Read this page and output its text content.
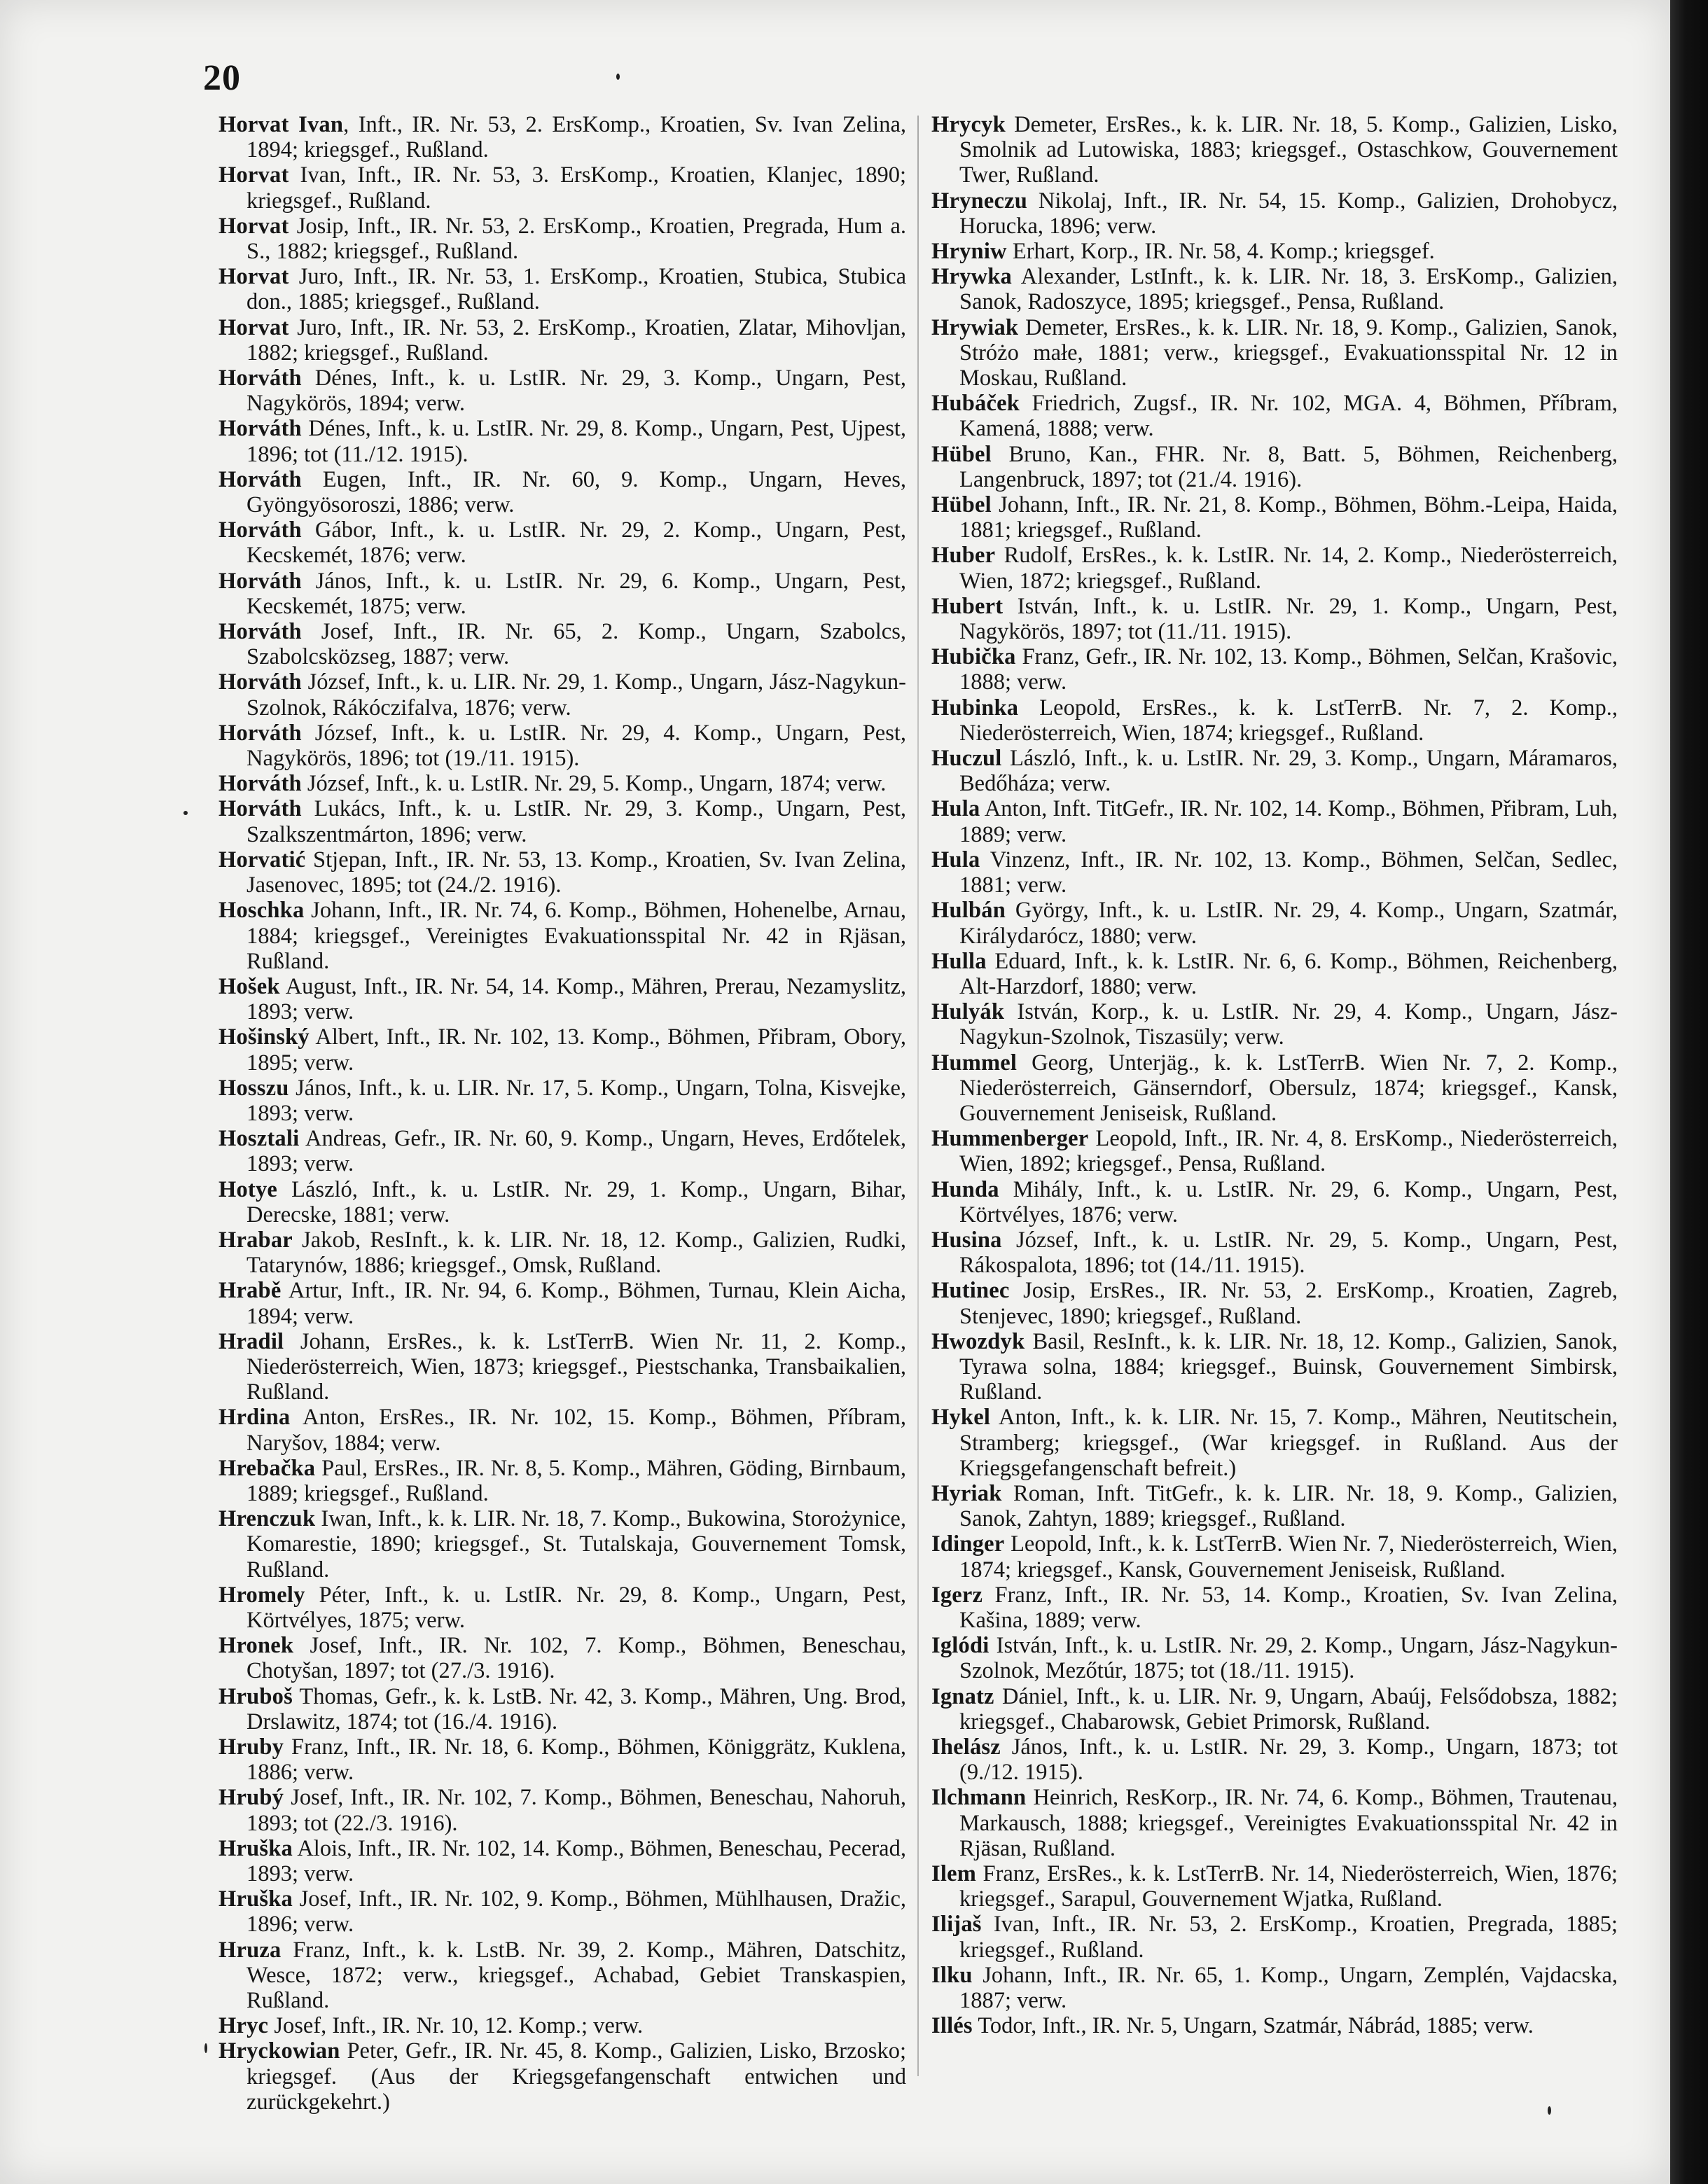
20

Horvat Ivan, Inft., IR. Nr. 53, 2. ErsKomp., Kroatien, Sv. Ivan Zelina, 1894; kriegsgef., Rußland.

Horvat Ivan, Inft., IR. Nr. 53, 3. ErsKomp., Kroatien, Klanjec, 1890; kriegsgef., Rußland.

Horvat Josip, Inft., IR. Nr. 53, 2. ErsKomp., Kroatien, Pregrada, Hum a. S., 1882; kriegsgef., Rußland.

Horvat Juro, Inft., IR. Nr. 53, 1. ErsKomp., Kroatien, Stubica, Stubica don., 1885; kriegsgef., Rußland.

Horvat Juro, Inft., IR. Nr. 53, 2. ErsKomp., Kroatien, Zlatar, Mihovljan, 1882; kriegsgef., Rußland.

Horváth Dénes, Inft., k. u. LstIR. Nr. 29, 3. Komp., Ungarn, Pest, Nagykörös, 1894; verw.

Horváth Dénes, Inft., k. u. LstIR. Nr. 29, 8. Komp., Ungarn, Pest, Ujpest, 1896; tot (11./12. 1915).

Horváth Eugen, Inft., IR. Nr. 60, 9. Komp., Ungarn, Heves, Gyöngyösoroszi, 1886; verw.

Horváth Gábor, Inft., k. u. LstIR. Nr. 29, 2. Komp., Ungarn, Pest, Kecskemét, 1876; verw.

Horváth János, Inft., k. u. LstIR. Nr. 29, 6. Komp., Ungarn, Pest, Kecskemét, 1875; verw.

Horváth Josef, Inft., IR. Nr. 65, 2. Komp., Ungarn, Szabolcs, Szabolcsközseg, 1887; verw.

Horváth József, Inft., k. u. LIR. Nr. 29, 1. Komp., Ungarn, Jász-Nagykun-Szolnok, Rákóczifalva, 1876; verw.

Horváth József, Inft., k. u. LstIR. Nr. 29, 4. Komp., Ungarn, Pest, Nagykörös, 1896; tot (19./11. 1915).

Horváth József, Inft., k. u. LstIR. Nr. 29, 5. Komp., Ungarn, 1874; verw.

Horváth Lukács, Inft., k. u. LstIR. Nr. 29, 3. Komp., Ungarn, Pest, Szalkszentmárton, 1896; verw.

Horvatić Stjepan, Inft., IR. Nr. 53, 13. Komp., Kroatien, Sv. Ivan Zelina, Jasenovec, 1895; tot (24./2. 1916).

Hoschka Johann, Inft., IR. Nr. 74, 6. Komp., Böhmen, Hohenelbe, Arnau, 1884; kriegsgef., Vereinigtes Evakuationsspital Nr. 42 in Rjäsan, Rußland.

Hošek August, Inft., IR. Nr. 54, 14. Komp., Mähren, Prerau, Nezamyslitz, 1893; verw.

Hošinský Albert, Inft., IR. Nr. 102, 13. Komp., Böhmen, Přibram, Obory, 1895; verw.

Hosszu János, Inft., k. u. LIR. Nr. 17, 5. Komp., Ungarn, Tolna, Kisvejke, 1893; verw.

Hosztali Andreas, Gefr., IR. Nr. 60, 9. Komp., Ungarn, Heves, Erdőtelek, 1893; verw.

Hotye László, Inft., k. u. LstIR. Nr. 29, 1. Komp., Ungarn, Bihar, Derecske, 1881; verw.

Hrabar Jakob, ResInft., k. k. LIR. Nr. 18, 12. Komp., Galizien, Rudki, Tatarynów, 1886; kriegsgef., Omsk, Rußland.

Hrabě Artur, Inft., IR. Nr. 94, 6. Komp., Böhmen, Turnau, Klein Aicha, 1894; verw.

Hradil Johann, ErsRes., k. k. LstTerrB. Wien Nr. 11, 2. Komp., Niederösterreich, Wien, 1873; kriegsgef., Piestschanka, Transbaikalien, Rußland.

Hrdina Anton, ErsRes., IR. Nr. 102, 15. Komp., Böhmen, Příbram, Naryšov, 1884; verw.

Hrebačka Paul, ErsRes., IR. Nr. 8, 5. Komp., Mähren, Göding, Birnbaum, 1889; kriegsgef., Rußland.

Hrenczuk Iwan, Inft., k. k. LIR. Nr. 18, 7. Komp., Bukowina, Storożynice, Komarestie, 1890; kriegsgef., St. Tutalskaja, Gouvernement Tomsk, Rußland.

Hromely Péter, Inft., k. u. LstIR. Nr. 29, 8. Komp., Ungarn, Pest, Körtvélyes, 1875; verw.

Hronek Josef, Inft., IR. Nr. 102, 7. Komp., Böhmen, Beneschau, Chotyšan, 1897; tot (27./3. 1916).

Hruboš Thomas, Gefr., k. k. LstB. Nr. 42, 3. Komp., Mähren, Ung. Brod, Drslawitz, 1874; tot (16./4. 1916).

Hruby Franz, Inft., IR. Nr. 18, 6. Komp., Böhmen, Königgrätz, Kuklena, 1886; verw.

Hrubý Josef, Inft., IR. Nr. 102, 7. Komp., Böhmen, Beneschau, Nahoruh, 1893; tot (22./3. 1916).

Hruška Alois, Inft., IR. Nr. 102, 14. Komp., Böhmen, Beneschau, Pecerad, 1893; verw.

Hruška Josef, Inft., IR. Nr. 102, 9. Komp., Böhmen, Mühlhausen, Dražic, 1896; verw.

Hruza Franz, Inft., k. k. LstB. Nr. 39, 2. Komp., Mähren, Datschitz, Wesce, 1872; verw., kriegsgef., Achabad, Gebiet Transkaspien, Rußland.

Hryc Josef, Inft., IR. Nr. 10, 12. Komp.; verw.

Hryckowian Peter, Gefr., IR. Nr. 45, 8. Komp., Galizien, Lisko, Brzosko; kriegsgef. (Aus der Kriegsgefangenschaft entwichen und zurückgekehrt.)

Hrycyk Demeter, ErsRes., k. k. LIR. Nr. 18, 5. Komp., Galizien, Lisko, Smolnik ad Lutowiska, 1883; kriegsgef., Ostaschkow, Gouvernement Twer, Rußland.

Hryneczu Nikolaj, Inft., IR. Nr. 54, 15. Komp., Galizien, Drohobycz, Horucka, 1896; verw.

Hryniw Erhart, Korp., IR. Nr. 58, 4. Komp.; kriegsgef.

Hrywka Alexander, LstInft., k. k. LIR. Nr. 18, 3. ErsKomp., Galizien, Sanok, Radoszyce, 1895; kriegsgef., Pensa, Rußland.

Hrywiak Demeter, ErsRes., k. k. LIR. Nr. 18, 9. Komp., Galizien, Sanok, Stróżo małe, 1881; verw., kriegsgef., Evakuationsspital Nr. 12 in Moskau, Rußland.

Hubáček Friedrich, Zugsf., IR. Nr. 102, MGA. 4, Böhmen, Příbram, Kamená, 1888; verw.

Hübel Bruno, Kan., FHR. Nr. 8, Batt. 5, Böhmen, Reichenberg, Langenbruck, 1897; tot (21./4. 1916).

Hübel Johann, Inft., IR. Nr. 21, 8. Komp., Böhmen, Böhm.-Leipa, Haida, 1881; kriegsgef., Rußland.

Huber Rudolf, ErsRes., k. k. LstIR. Nr. 14, 2. Komp., Niederösterreich, Wien, 1872; kriegsgef., Rußland.

Hubert István, Inft., k. u. LstIR. Nr. 29, 1. Komp., Ungarn, Pest, Nagykörös, 1897; tot (11./11. 1915).

Hubička Franz, Gefr., IR. Nr. 102, 13. Komp., Böhmen, Selčan, Krašovic, 1888; verw.

Hubinka Leopold, ErsRes., k. k. LstTerrB. Nr. 7, 2. Komp., Niederösterreich, Wien, 1874; kriegsgef., Rußland.

Huczul László, Inft., k. u. LstIR. Nr. 29, 3. Komp., Ungarn, Máramaros, Bedőháza; verw.

Hula Anton, Inft. TitGefr., IR. Nr. 102, 14. Komp., Böhmen, Přibram, Luh, 1889; verw.

Hula Vinzenz, Inft., IR. Nr. 102, 13. Komp., Böhmen, Selčan, Sedlec, 1881; verw.

Hulbán György, Inft., k. u. LstIR. Nr. 29, 4. Komp., Ungarn, Szatmár, Királydarócz, 1880; verw.

Hulla Eduard, Inft., k. k. LstIR. Nr. 6, 6. Komp., Böhmen, Reichenberg, Alt-Harzdorf, 1880; verw.

Hulyák István, Korp., k. u. LstIR. Nr. 29, 4. Komp., Ungarn, Jász-Nagykun-Szolnok, Tiszasüly; verw.

Hummel Georg, Unterjäg., k. k. LstTerrB. Wien Nr. 7, 2. Komp., Niederösterreich, Gänserndorf, Obersulz, 1874; kriegsgef., Kansk, Gouvernement Jeniseisk, Rußland.

Hummenberger Leopold, Inft., IR. Nr. 4, 8. ErsKomp., Niederösterreich, Wien, 1892; kriegsgef., Pensa, Rußland.

Hunda Mihály, Inft., k. u. LstIR. Nr. 29, 6. Komp., Ungarn, Pest, Körtvélyes, 1876; verw.

Husina József, Inft., k. u. LstIR. Nr. 29, 5. Komp., Ungarn, Pest, Rákospalota, 1896; tot (14./11. 1915).

Hutinec Josip, ErsRes., IR. Nr. 53, 2. ErsKomp., Kroatien, Zagreb, Stenjevec, 1890; kriegsgef., Rußland.

Hwozdyk Basil, ResInft., k. k. LIR. Nr. 18, 12. Komp., Galizien, Sanok, Tyrawa solna, 1884; kriegsgef., Buinsk, Gouvernement Simbirsk, Rußland.

Hykel Anton, Inft., k. k. LIR. Nr. 15, 7. Komp., Mähren, Neutitschein, Stramberg; kriegsgef., (War kriegsgef. in Rußland. Aus der Kriegsgefangenschaft befreit.)

Hyriak Roman, Inft. TitGefr., k. k. LIR. Nr. 18, 9. Komp., Galizien, Sanok, Zahtyn, 1889; kriegsgef., Rußland.

Idinger Leopold, Inft., k. k. LstTerrB. Wien Nr. 7, Niederösterreich, Wien, 1874; kriegsgef., Kansk, Gouvernement Jeniseisk, Rußland.

Igerz Franz, Inft., IR. Nr. 53, 14. Komp., Kroatien, Sv. Ivan Zelina, Kašina, 1889; verw.

Iglódi István, Inft., k. u. LstIR. Nr. 29, 2. Komp., Ungarn, Jász-Nagykun-Szolnok, Mezőtúr, 1875; tot (18./11. 1915).

Ignatz Dániel, Inft., k. u. LIR. Nr. 9, Ungarn, Abaúj, Felsődobsza, 1882; kriegsgef., Chabarowsk, Gebiet Primorsk, Rußland.

Ihelász János, Inft., k. u. LstIR. Nr. 29, 3. Komp., Ungarn, 1873; tot (9./12. 1915).

Ilchmann Heinrich, ResKorp., IR. Nr. 74, 6. Komp., Böhmen, Trautenau, Markausch, 1888; kriegsgef., Vereinigtes Evakuationsspital Nr. 42 in Rjäsan, Rußland.

Ilem Franz, ErsRes., k. k. LstTerrB. Nr. 14, Niederösterreich, Wien, 1876; kriegsgef., Sarapul, Gouvernement Wjatka, Rußland.

Ilijaš Ivan, Inft., IR. Nr. 53, 2. ErsKomp., Kroatien, Pregrada, 1885; kriegsgef., Rußland.

Ilku Johann, Inft., IR. Nr. 65, 1. Komp., Ungarn, Zemplén, Vajdacska, 1887; verw.

Illés Todor, Inft., IR. Nr. 5, Ungarn, Szatmár, Nábrád, 1885; verw.
